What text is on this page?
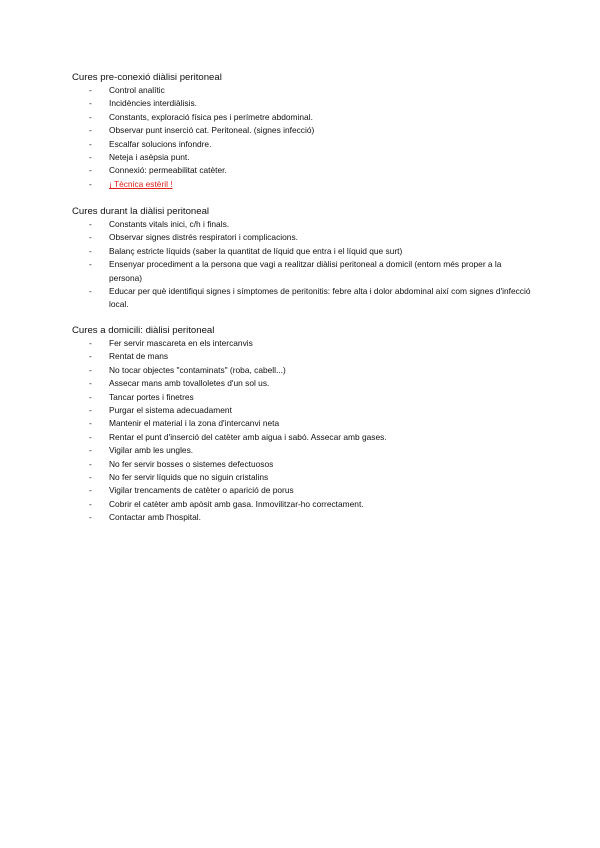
Cures pre-conexió diàlisi peritoneal
- Control analític
- Incidències interdiàlisis.
- Constants, exploració física pes i perímetre abdominal.
- Observar punt inserció cat. Peritoneal. (signes infecció)
- Escalfar solucions infondre.
- Neteja i asèpsia punt.
- Connexió: permeabilitat catèter.
- ¡ Tècnica estèril !
Cures durant la diàlisi peritoneal
- Constants vitals inici, c/h i finals.
- Observar signes distrés respiratori i complicacions.
- Balanç estricte líquids (saber la quantitat de líquid que entra i el líquid que surt)
- Ensenyar procediment a la persona que vagi a realitzar diàlisi peritoneal a domicil (entorn més proper a la persona)
- Educar per què identifiqui signes i símptomes de peritonitis: febre alta i dolor abdominal així com signes d'infecció local.
Cures a domicili: diàlisi peritoneal
- Fer servir mascareta en els intercanvis
- Rentat de mans
- No tocar objectes "contaminats" (roba, cabell...)
- Assecar mans amb tovalloletes d'un sol us.
- Tancar portes i finetres
- Purgar el sistema adecuadament
- Mantenir el material i la zona d'intercanvi neta
- Rentar el punt d'inserció del catèter amb aigua i sabó. Assecar amb gases.
- Vigilar amb les ungles.
- No fer servir bosses o sistemes defectuosos
- No fer servir líquids que no siguin cristalins
- Vigilar trencaments de catèter o aparició de porus
- Cobrir el catèter amb apòsit amb gasa. Inmovilitzar-ho correctament.
- Contactar amb l'hospital.
